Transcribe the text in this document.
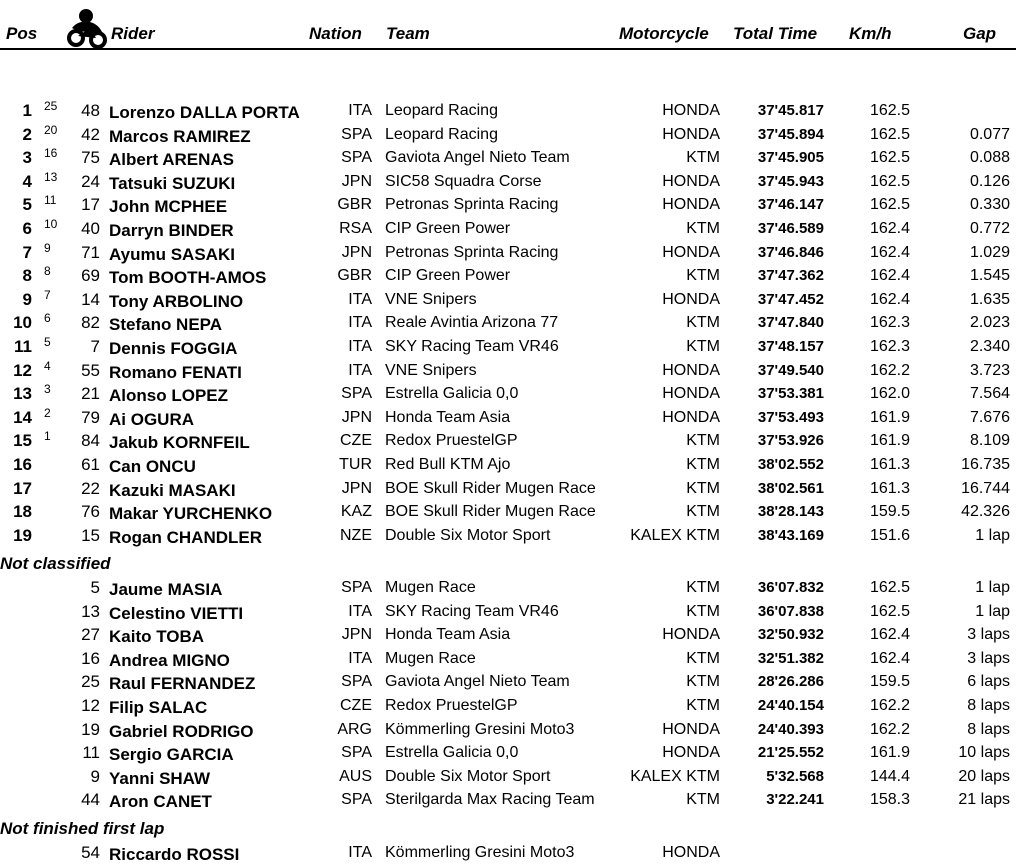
Pos	Rider	Nation Team	Motorcycle Total Time Km/h	Gap
1 25	48 Lorenzo DALLA PORTA	ITA Leopard Racing	HONDA	37'45.817	162.5
2 20	42 Marcos RAMIREZ	SPA Leopard Racing	HONDA	37'45.894	162.5	0.077
3 16	75 Albert ARENAS	SPA Gaviota Angel Nieto Team	KTM	37'45.905	162.5	0.088
4 13	24 Tatsuki SUZUKI	JPN SIC58 Squadra Corse	HONDA	37'45.943	162.5	0.126
5 11	17 John MCPHEE	GBR Petronas Sprinta Racing	HONDA	37'46.147	162.5	0.330
6 10	40 Darryn BINDER	RSA CIP Green Power	KTM	37'46.589	162.4	0.772
7 9	71 Ayumu SASAKI	JPN Petronas Sprinta Racing	HONDA	37'46.846	162.4	1.029
8 8	69 Tom BOOTH-AMOS	GBR CIP Green Power	KTM	37'47.362	162.4	1.545
9 7	14 Tony ARBOLINO	ITA VNE Snipers	HONDA	37'47.452	162.4	1.635
10 6	82 Stefano NEPA	ITA Reale Avintia Arizona 77	KTM	37'47.840	162.3	2.023
11 5	7 Dennis FOGGIA	ITA SKY Racing Team VR46	KTM	37'48.157	162.3	2.340
12 4	55 Romano FENATI	ITA VNE Snipers	HONDA	37'49.540	162.2	3.723
13 3	21 Alonso LOPEZ	SPA Estrella Galicia 0,0	HONDA	37'53.381	162.0	7.564
14 2	79 Ai OGURA	JPN Honda Team Asia	HONDA	37'53.493	161.9	7.676
15 1	84 Jakub KORNFEIL	CZE Redox PruestelGP	KTM	37'53.926	161.9	8.109
16	61 Can ONCU	TUR Red Bull KTM Ajo	KTM	38'02.552	161.3	16.735
17	22 Kazuki MASAKI	JPN BOE Skull Rider Mugen Race	KTM	38'02.561	161.3	16.744
18	76 Makar YURCHENKO	KAZ BOE Skull Rider Mugen Race	KTM	38'28.143	159.5	42.326
19	15 Rogan CHANDLER	NZE Double Six Motor Sport	KALEX KTM	38'43.169	151.6	1 lap
Not classified
5 Jaume MASIA	SPA Mugen Race	KTM	36'07.832	162.5	1 lap
13 Celestino VIETTI	ITA SKY Racing Team VR46	KTM	36'07.838	162.5	1 lap
27 Kaito TOBA	JPN Honda Team Asia	HONDA	32'50.932	162.4	3 laps
16 Andrea MIGNO	ITA Mugen Race	KTM	32'51.382	162.4	3 laps
25 Raul FERNANDEZ	SPA Gaviota Angel Nieto Team	KTM	28'26.286	159.5	6 laps
12 Filip SALAC	CZE Redox PruestelGP	KTM	24'40.154	162.2	8 laps
19 Gabriel RODRIGO	ARG Kömmerling Gresini Moto3	HONDA	24'40.393	162.2	8 laps
11 Sergio GARCIA	SPA Estrella Galicia 0,0	HONDA	21'25.552	161.9	10 laps
9 Yanni SHAW	AUS Double Six Motor Sport	KALEX KTM	5'32.568	144.4	20 laps
44 Aron CANET	SPA Sterilgarda Max Racing Team	KTM	3'22.241	158.3	21 laps
Not finished first lap
54 Riccardo ROSSI	ITA Kömmerling Gresini Moto3	HONDA
